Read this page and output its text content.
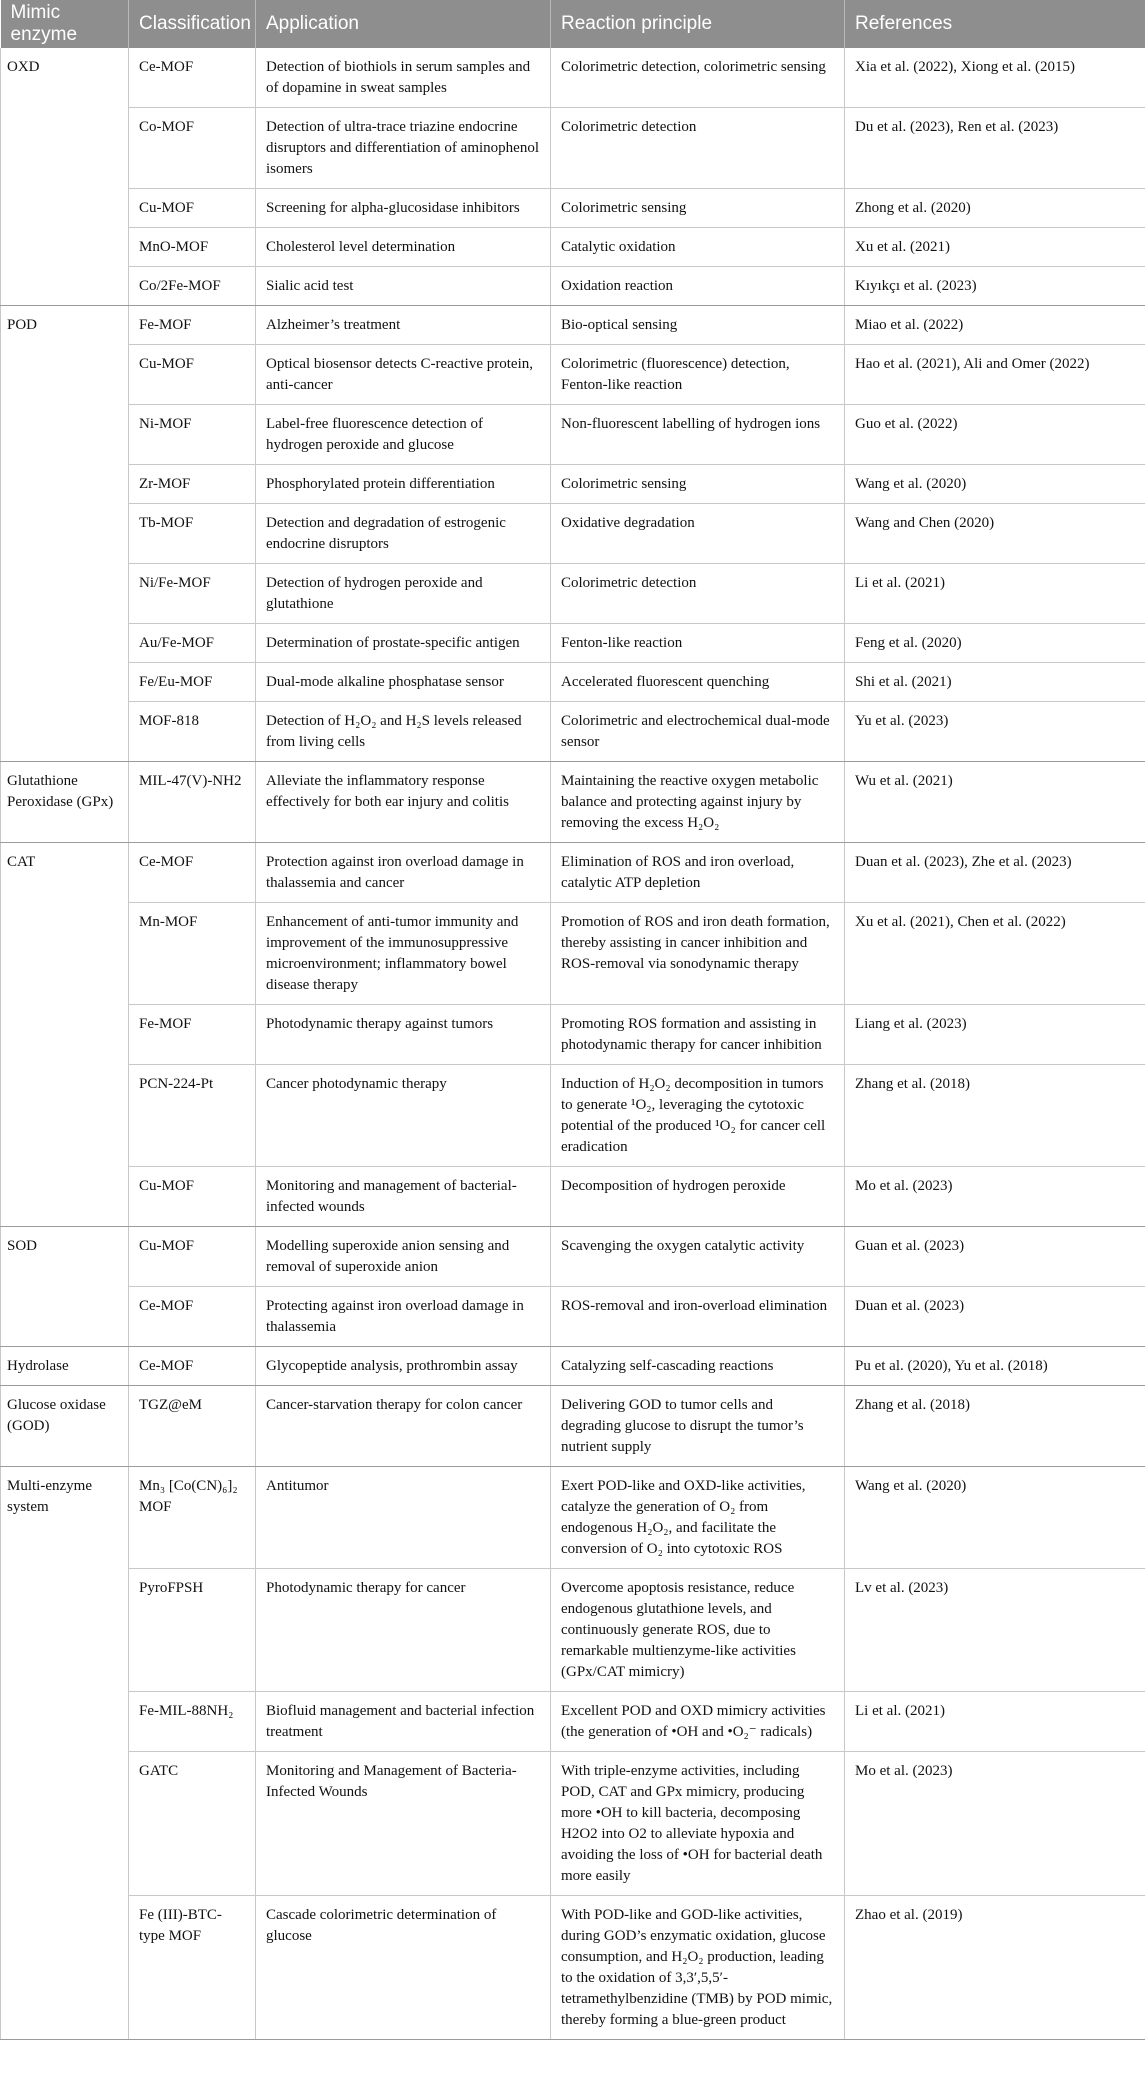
Mimic enzyme	Classification	Application	Reaction principle	References
OXD	Ce-MOF	Detection of biothiols in serum samples and of dopamine in sweat samples	Colorimetric detection, colorimetric sensing	Xia et al. (2022), Xiong et al. (2015)
	Co-MOF	Detection of ultra-trace triazine endocrine disruptors and differentiation of aminophenol isomers	Colorimetric detection	Du et al. (2023), Ren et al. (2023)
	Cu-MOF	Screening for alpha-glucosidase inhibitors	Colorimetric sensing	Zhong et al. (2020)
	MnO-MOF	Cholesterol level determination	Catalytic oxidation	Xu et al. (2021)
	Co/2Fe-MOF	Sialic acid test	Oxidation reaction	Kıyıkçı et al. (2023)
POD	Fe-MOF	Alzheimer’s treatment	Bio-optical sensing	Miao et al. (2022)
	Cu-MOF	Optical biosensor detects C-reactive protein, anti-cancer	Colorimetric (fluorescence) detection, Fenton-like reaction	Hao et al. (2021), Ali and Omer (2022)
	Ni-MOF	Label-free fluorescence detection of hydrogen peroxide and glucose	Non-fluorescent labelling of hydrogen ions	Guo et al. (2022)
	Zr-MOF	Phosphorylated protein differentiation	Colorimetric sensing	Wang et al. (2020)
	Tb-MOF	Detection and degradation of estrogenic endocrine disruptors	Oxidative degradation	Wang and Chen (2020)
	Ni/Fe-MOF	Detection of hydrogen peroxide and glutathione	Colorimetric detection	Li et al. (2021)
	Au/Fe-MOF	Determination of prostate-specific antigen	Fenton-like reaction	Feng et al. (2020)
	Fe/Eu-MOF	Dual-mode alkaline phosphatase sensor	Accelerated fluorescent quenching	Shi et al. (2021)
	MOF-818	Detection of H₂O₂ and H₂S levels released from living cells	Colorimetric and electrochemical dual-mode sensor	Yu et al. (2023)
Glutathione Peroxidase (GPx)	MIL-47(V)-NH2	Alleviate the inflammatory response effectively for both ear injury and colitis	Maintaining the reactive oxygen metabolic balance and protecting against injury by removing the excess H₂O₂	Wu et al. (2021)
CAT	Ce-MOF	Protection against iron overload damage in thalassemia and cancer	Elimination of ROS and iron overload, catalytic ATP depletion	Duan et al. (2023), Zhe et al. (2023)
	Mn-MOF	Enhancement of anti-tumor immunity and improvement of the immunosuppressive microenvironment; inflammatory bowel disease therapy	Promotion of ROS and iron death formation, thereby assisting in cancer inhibition and ROS-removal via sonodynamic therapy	Xu et al. (2021), Chen et al. (2022)
	Fe-MOF	Photodynamic therapy against tumors	Promoting ROS formation and assisting in photodynamic therapy for cancer inhibition	Liang et al. (2023)
	PCN-224-Pt	Cancer photodynamic therapy	Induction of H₂O₂ decomposition in tumors to generate ¹O₂, leveraging the cytotoxic potential of the produced ¹O₂ for cancer cell eradication	Zhang et al. (2018)
	Cu-MOF	Monitoring and management of bacterial-infected wounds	Decomposition of hydrogen peroxide	Mo et al. (2023)
SOD	Cu-MOF	Modelling superoxide anion sensing and removal of superoxide anion	Scavenging the oxygen catalytic activity	Guan et al. (2023)
	Ce-MOF	Protecting against iron overload damage in thalassemia	ROS-removal and iron-overload elimination	Duan et al. (2023)
Hydrolase	Ce-MOF	Glycopeptide analysis, prothrombin assay	Catalyzing self-cascading reactions	Pu et al. (2020), Yu et al. (2018)
Glucose oxidase (GOD)	TGZ@eM	Cancer-starvation therapy for colon cancer	Delivering GOD to tumor cells and degrading glucose to disrupt the tumor’s nutrient supply	Zhang et al. (2018)
Multi-enzyme system	Mn₃ [Co(CN)₆]₂ MOF	Antitumor	Exert POD-like and OXD-like activities, catalyze the generation of O₂ from endogenous H₂O₂, and facilitate the conversion of O₂ into cytotoxic ROS	Wang et al. (2020)
	PyroFPSH	Photodynamic therapy for cancer	Overcome apoptosis resistance, reduce endogenous glutathione levels, and continuously generate ROS, due to remarkable multienzyme-like activities (GPx/CAT mimicry)	Lv et al. (2023)
	Fe-MIL-88NH₂	Biofluid management and bacterial infection treatment	Excellent POD and OXD mimicry activities (the generation of •OH and •O₂⁻ radicals)	Li et al. (2021)
	GATC	Monitoring and Management of Bacteria-Infected Wounds	With triple-enzyme activities, including POD, CAT and GPx mimicry, producing more •OH to kill bacteria, decomposing H2O2 into O2 to alleviate hypoxia and avoiding the loss of •OH for bacterial death more easily	Mo et al. (2023)
	Fe (III)-BTC-type MOF	Cascade colorimetric determination of glucose	With POD-like and GOD-like activities, during GOD’s enzymatic oxidation, glucose consumption, and H₂O₂ production, leading to the oxidation of 3,3′,5,5′-tetramethylbenzidine (TMB) by POD mimic, thereby forming a blue-green product	Zhao et al. (2019)
